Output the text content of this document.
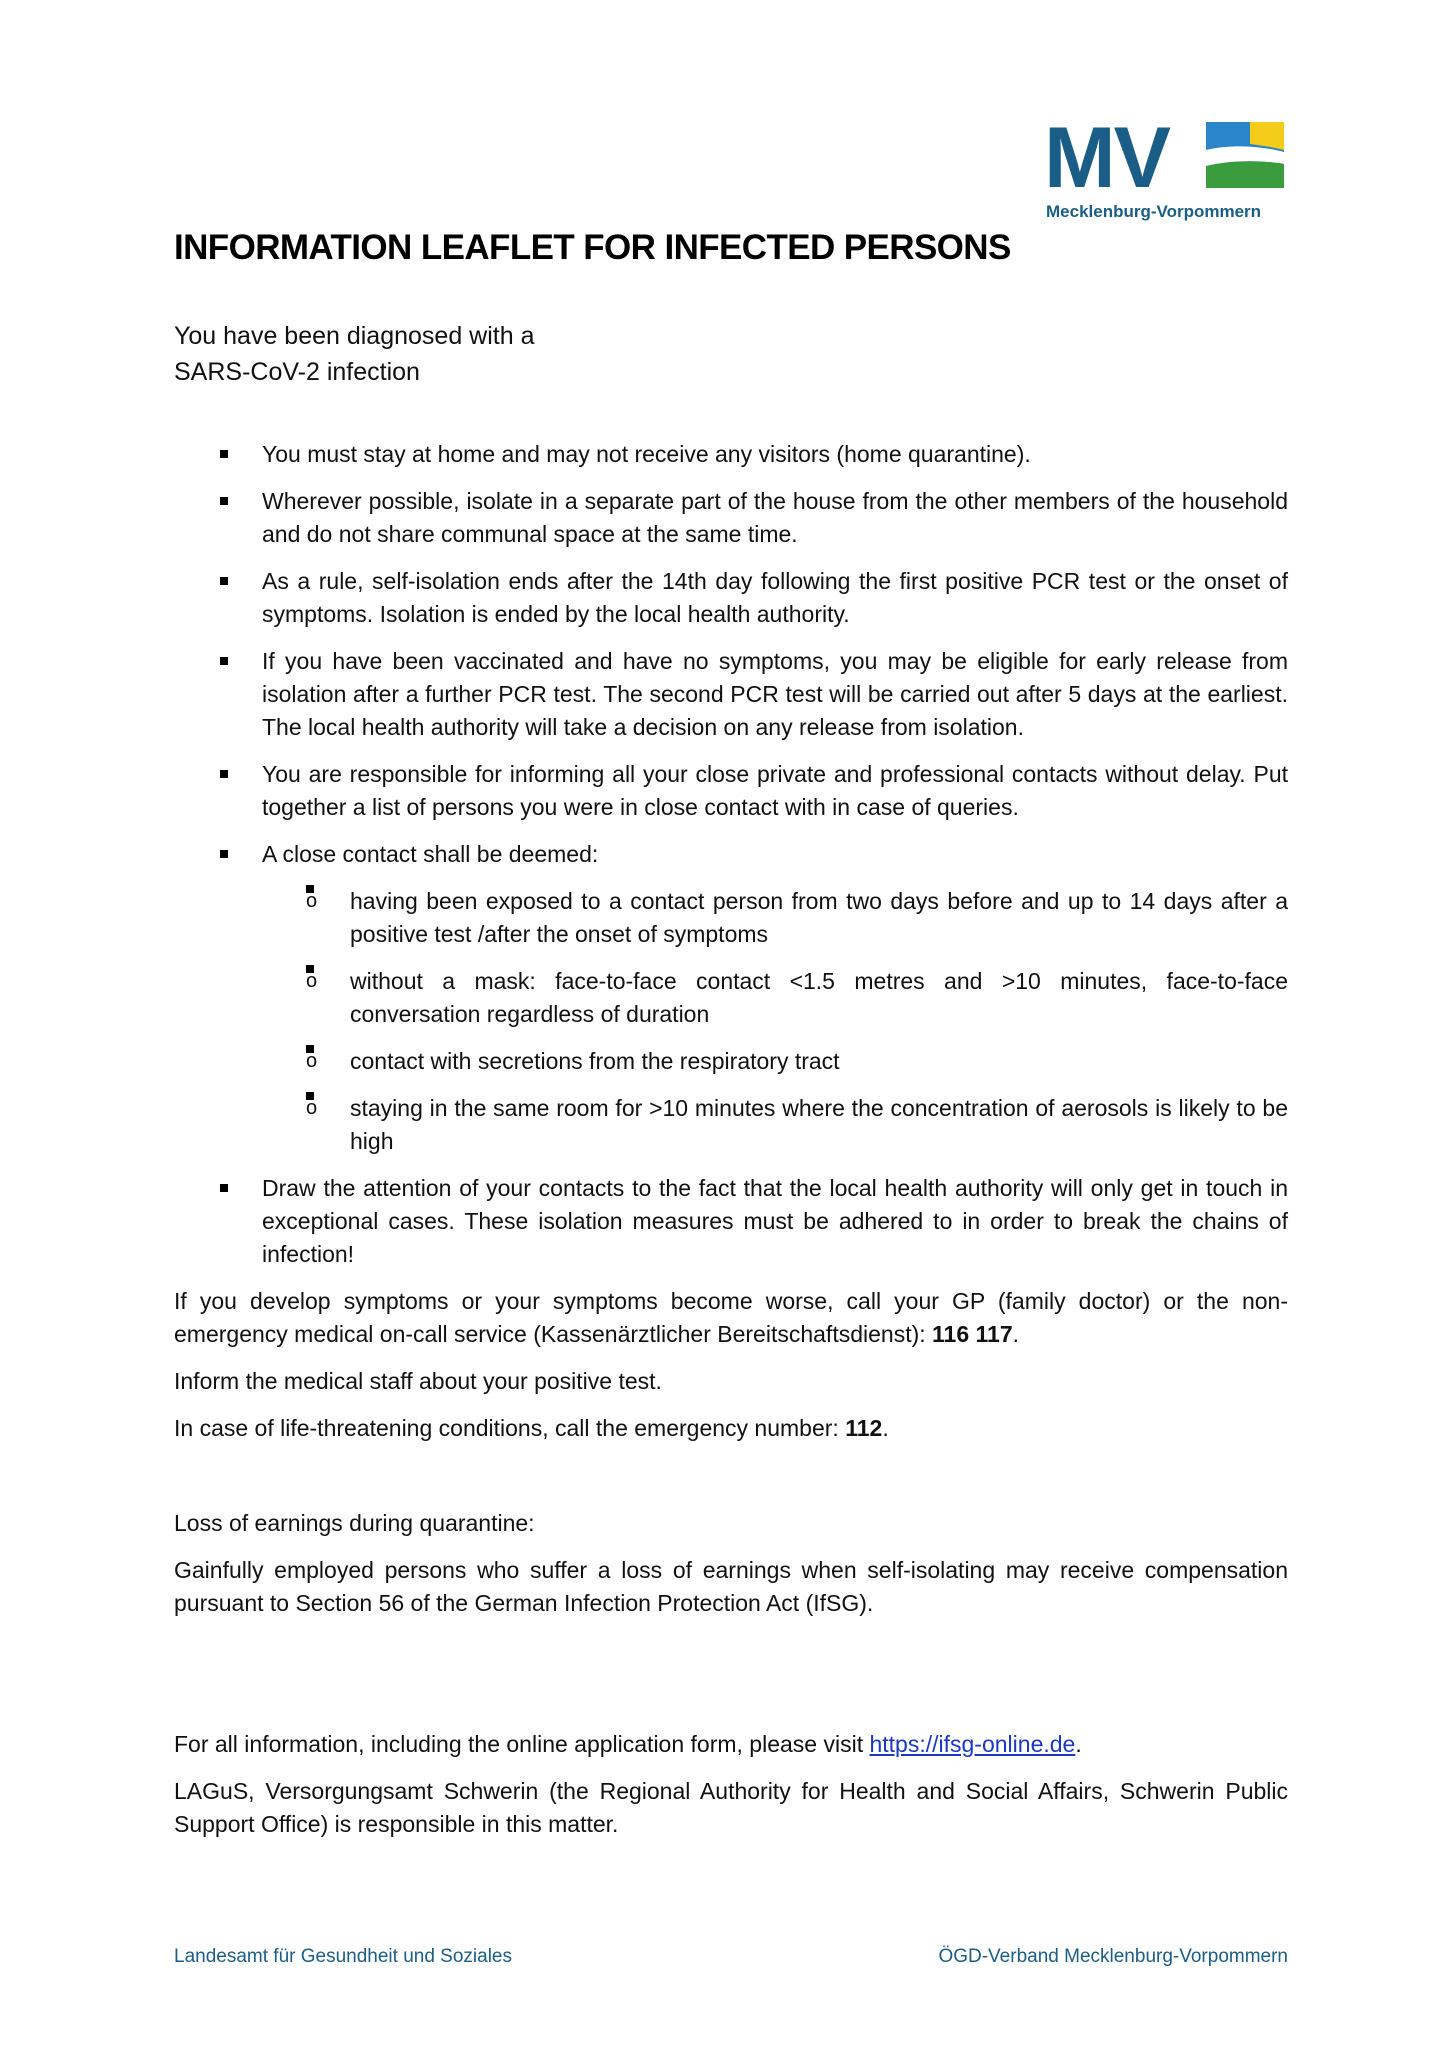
MV
Mecklenburg-Vorpommern
INFORMATION LEAFLET FOR INFECTED PERSONS
You have been diagnosed with a
SARS-CoV-2 infection
You must stay at home and may not receive any visitors (home quarantine).
Wherever possible, isolate in a separate part of the house from the other members of the household and do not share communal space at the same time.
As a rule, self-isolation ends after the 14th day following the first positive PCR test or the onset of symptoms. Isolation is ended by the local health authority.
If you have been vaccinated and have no symptoms, you may be eligible for early release from isolation after a further PCR test. The second PCR test will be carried out after 5 days at the earliest. The local health authority will take a decision on any release from isolation.
You are responsible for informing all your close private and professional contacts without delay. Put together a list of persons you were in close contact with in case of queries.
A close contact shall be deemed:
o having been exposed to a contact person from two days before and up to 14 days after a positive test /after the onset of symptoms
o without a mask: face-to-face contact <1.5 metres and >10 minutes, face-to-face conversation regardless of duration
o contact with secretions from the respiratory tract
o staying in the same room for >10 minutes where the concentration of aerosols is likely to be high
Draw the attention of your contacts to the fact that the local health authority will only get in touch in exceptional cases. These isolation measures must be adhered to in order to break the chains of infection!

If you develop symptoms or your symptoms become worse, call your GP (family doctor) or the non-emergency medical on-call service (Kassenärztlicher Bereitschaftsdienst): 116 117.

Inform the medical staff about your positive test.

In case of life-threatening conditions, call the emergency number: 112.

Loss of earnings during quarantine:

Gainfully employed persons who suffer a loss of earnings when self-isolating may receive compensation pursuant to Section 56 of the German Infection Protection Act (IfSG).

For all information, including the online application form, please visit https://ifsg-online.de.

LAGuS, Versorgungsamt Schwerin (the Regional Authority for Health and Social Affairs, Schwerin Public Support Office) is responsible in this matter.

Landesamt für Gesundheit und Soziales	ÖGD-Verband Mecklenburg-Vorpommern
